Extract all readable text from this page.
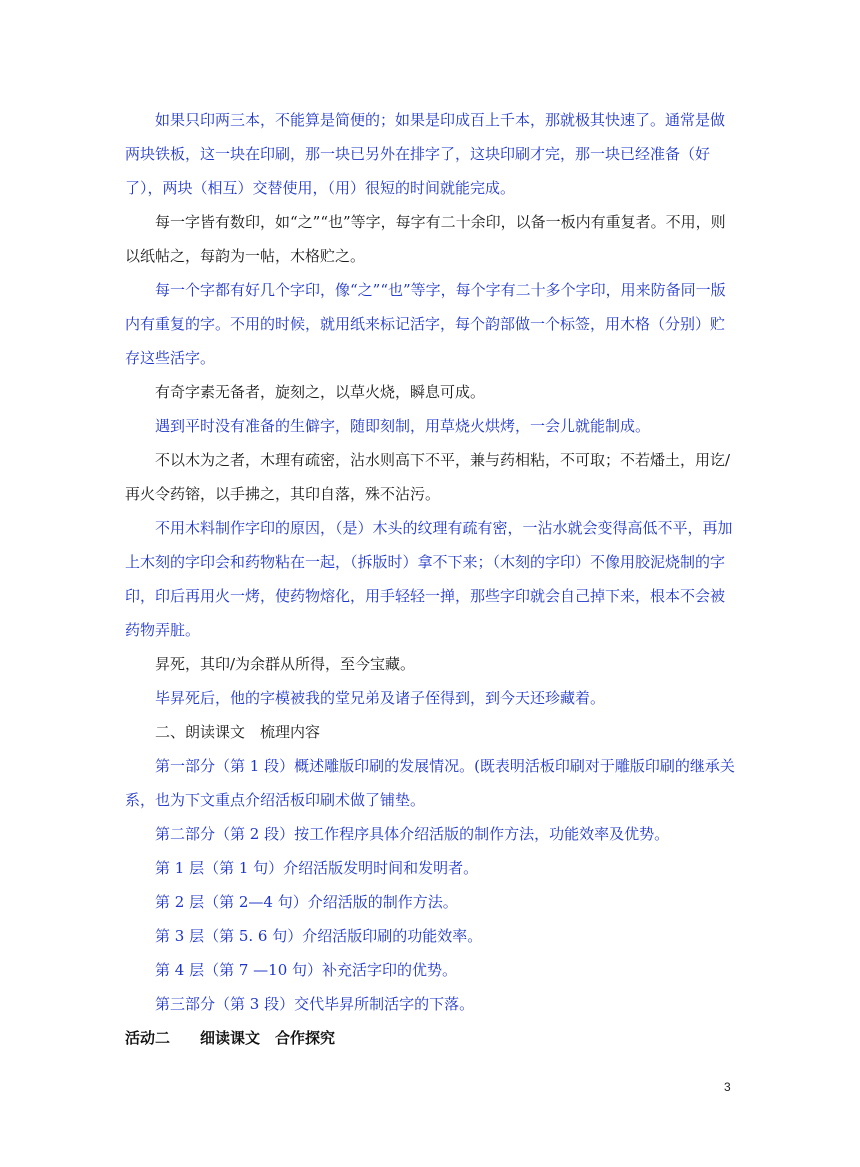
如果只印两三本，不能算是简便的；如果是印成百上千本，那就极其快速了。通常是做两块铁板，这一块在印刷，那一块已另外在排字了，这块印刷才完，那一块已经准备（好了），两块（相互）交替使用，（用）很短的时间就能完成。

每一字皆有数印，如“之”“也”等字，每字有二十余印，以备一板内有重复者。不用，则以纸帖之，每韵为一帖，木格贮之。

每一个字都有好几个字印，像“之”“也”等字，每个字有二十多个字印，用来防备同一版内有重复的字。不用的时候，就用纸来标记活字，每个韵部做一个标签，用木格（分别）贮存这些活字。

有奇字素无备者，旋刻之，以草火烧，瞬息可成。

遇到平时没有准备的生僻字，随即刻制，用草烧火烘烤，一会儿就能制成。

不以木为之者，木理有疏密，沾水则高下不平，兼与药相粘，不可取；不若燔土，用讫/再火令药镕，以手拂之，其印自落，殊不沾污。

不用木料制作字印的原因，（是）木头的纹理有疏有密，一沾水就会变得高低不平，再加上木刻的字印会和药物粘在一起，（拆版时）拿不下来；（木刻的字印）不像用胶泥烧制的字印，印后再用火一烤，使药物熔化，用手轻轻一掸，那些字印就会自己掉下来，根本不会被药物弄脏。

昇死，其印/为余群从所得，至今宝藏。

毕昇死后，他的字模被我的堂兄弟及诸子侄得到，到今天还珍藏着。

二、朗读课文　梳理内容

第一部分（第 1 段）概述雕版印刷的发展情况。(既表明活板印刷对于雕版印刷的继承关系，也为下文重点介绍活板印刷术做了铺垫。

第二部分（第 2 段）按工作程序具体介绍活版的制作方法，功能效率及优势。

第 1 层（第 1 句）介绍活版发明时间和发明者。

第 2 层（第 2—4 句）介绍活版的制作方法。

第 3 层（第 5. 6 句）介绍活版印刷的功能效率。

第 4 层（第 7 —10 句）补充活字印的优势。

第三部分（第 3 段）交代毕昇所制活字的下落。

活动二　　细读课文　合作探究

3
